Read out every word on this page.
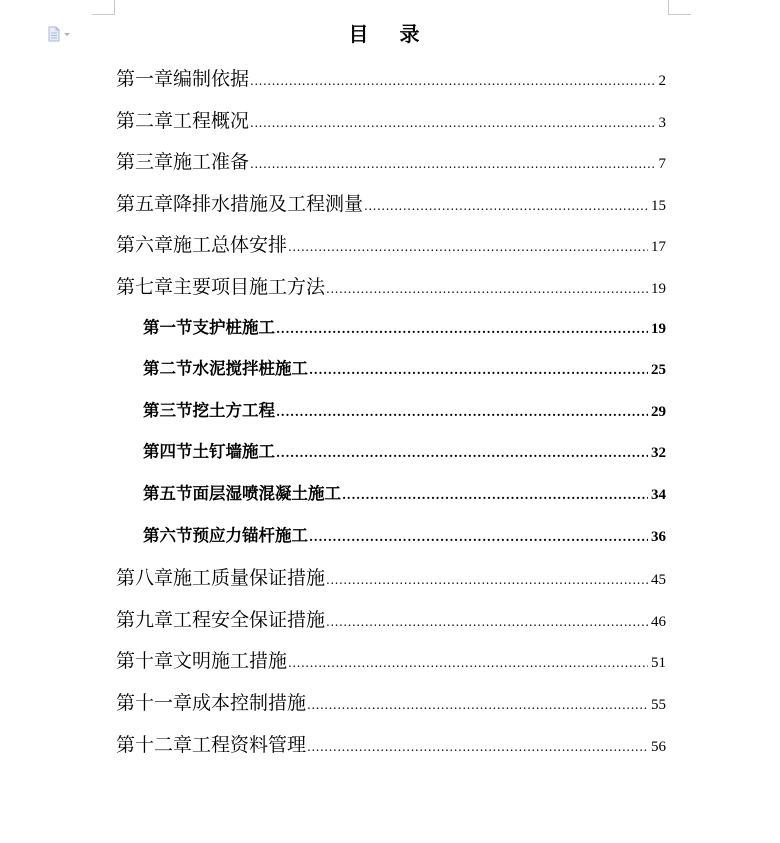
目 录
第一章 编制依据 .....	2
第二章 工程概况 .....	3
第三章 施工准备 .....	7
第五章 降排水措施及工程测量 .....	15
第六章 施工总体安排 .....	17
第七章 主要项目施工方法 .....	19
第一节 支护桩施工 .....	19
第二节 水泥搅拌桩施工 .....	25
第三节 挖土方工程 .....	29
第四节 土钉墙施工 .....	32
第五节 面层湿喷混凝土施工 .....	34
第六节 预应力锚杆施工 .....	36
第八章 施工质量保证措施 .....	45
第九章 工程安全保证措施 .....	46
第十章 文明施工措施 .....	51
第十一章 成本控制措施 .....	55
第十二章 工程资料管理 .....	56
